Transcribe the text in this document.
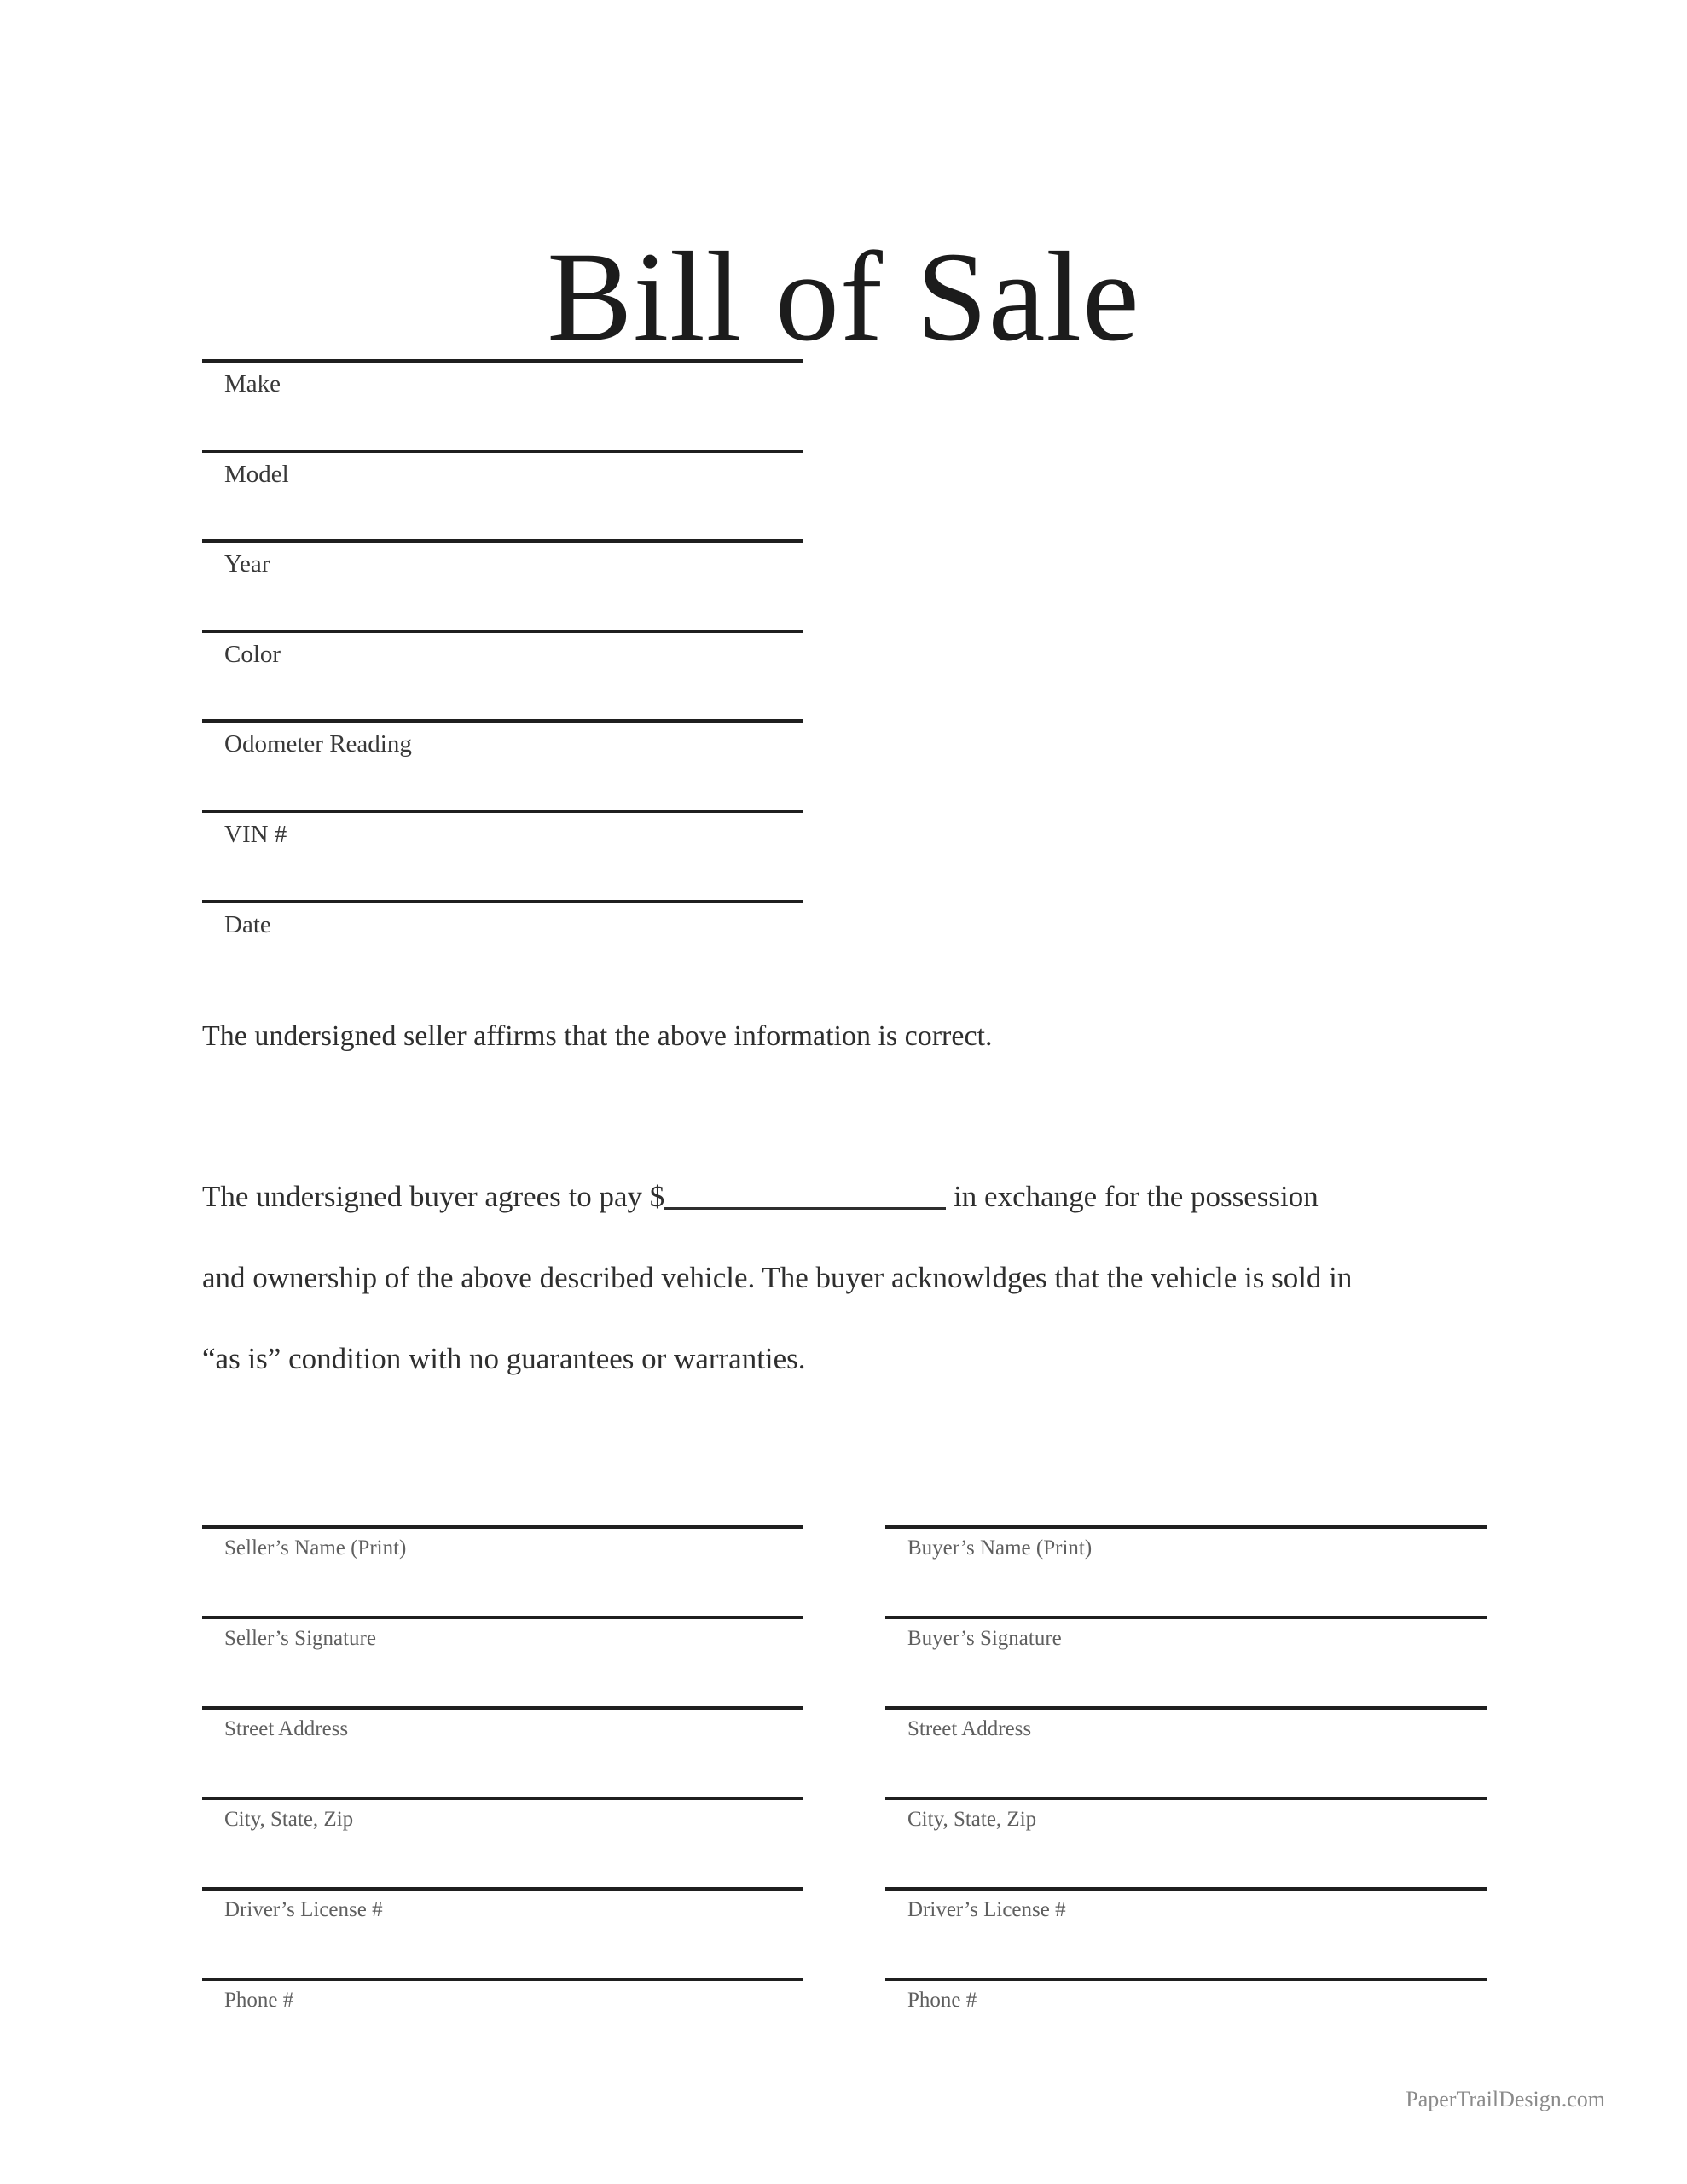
Bill of Sale
Make
Model
Year
Color
Odometer Reading
VIN #
Date

The undersigned seller affirms that the above information is correct.

The undersigned buyer agrees to pay $	in exchange for the possession
and ownership of the above described vehicle. The buyer acknowldges that the vehicle is sold in
“as is” condition with no guarantees or warranties.
Seller’s Name (Print)
Seller’s Signature
Street Address
City, State, Zip
Driver’s License #
Phone #
Buyer’s Name (Print)
Buyer’s Signature
Street Address
City, State, Zip
Driver’s License #
Phone #
PaperTrailDesign.com
